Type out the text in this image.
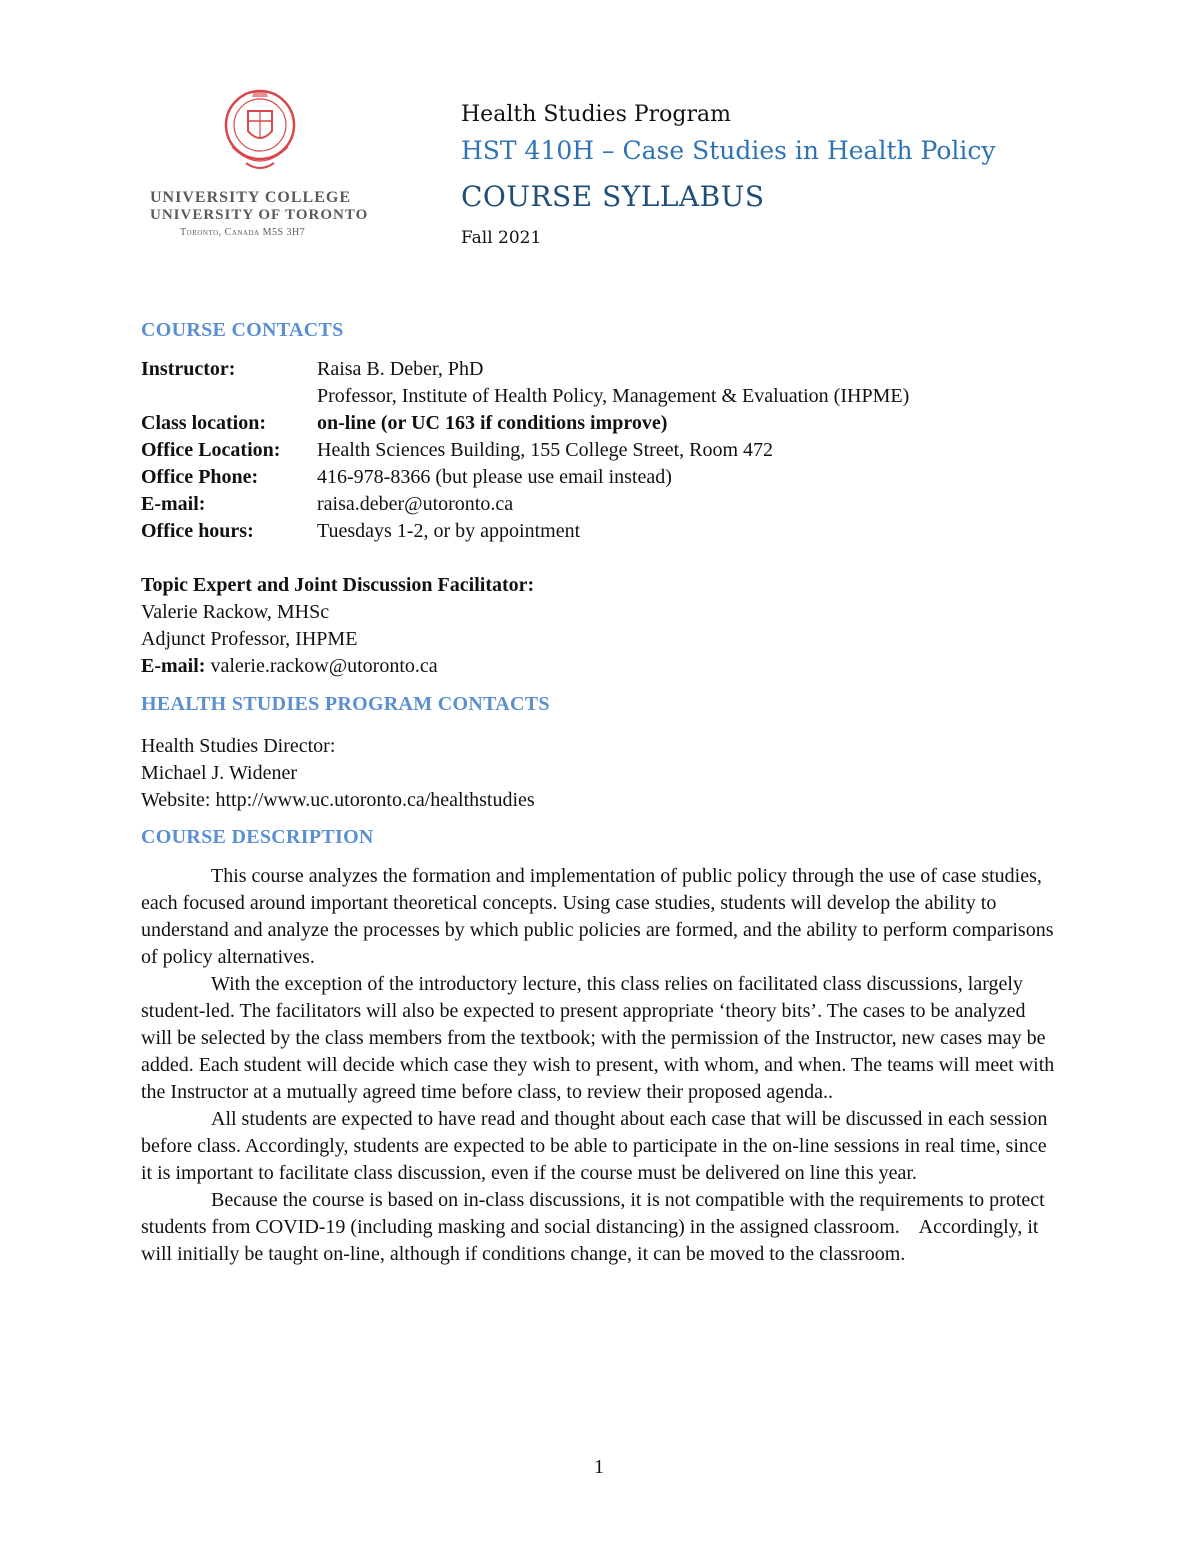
UNIVERSITY COLLEGE
UNIVERSITY OF TORONTO
Toronto, Canada M5S 3H7
Health Studies Program
HST 410H – Case Studies in Health Policy
COURSE SYLLABUS
Fall 2021
COURSE CONTACTS
Instructor:	Raisa B. Deber, PhD
Professor, Institute of Health Policy, Management & Evaluation (IHPME)
Class location:	on-line (or UC 163 if conditions improve)
Office Location: Health Sciences Building, 155 College Street, Room 472
Office Phone:	416-978-8366 (but please use email instead)
E-mail:	raisa.deber@utoronto.ca
Office hours:	Tuesdays 1-2, or by appointment
Topic Expert and Joint Discussion Facilitator:
Valerie Rackow, MHSc
Adjunct Professor, IHPME
E-mail: valerie.rackow@utoronto.ca
HEALTH STUDIES PROGRAM CONTACTS
Health Studies Director:
Michael J. Widener
Website: http://www.uc.utoronto.ca/healthstudies
COURSE DESCRIPTION

This course analyzes the formation and implementation of public policy through the use of case studies, each focused around important theoretical concepts. Using case studies, students will develop the ability to understand and analyze the processes by which public policies are formed, and the ability to perform comparisons of policy alternatives.

With the exception of the introductory lecture, this class relies on facilitated class discussions, largely student-led. The facilitators will also be expected to present appropriate ‘theory bits’. The cases to be analyzed will be selected by the class members from the textbook; with the permission of the Instructor, new cases may be added. Each student will decide which case they wish to present, with whom, and when. The teams will meet with the Instructor at a mutually agreed time before class, to review their proposed agenda..

All students are expected to have read and thought about each case that will be discussed in each session before class. Accordingly, students are expected to be able to participate in the on-line sessions in real time, since it is important to facilitate class discussion, even if the course must be delivered on line this year.

Because the course is based on in-class discussions, it is not compatible with the requirements to protect students from COVID-19 (including masking and social distancing) in the assigned classroom.    Accordingly, it will initially be taught on-line, although if conditions change, it can be moved to the classroom.

1
